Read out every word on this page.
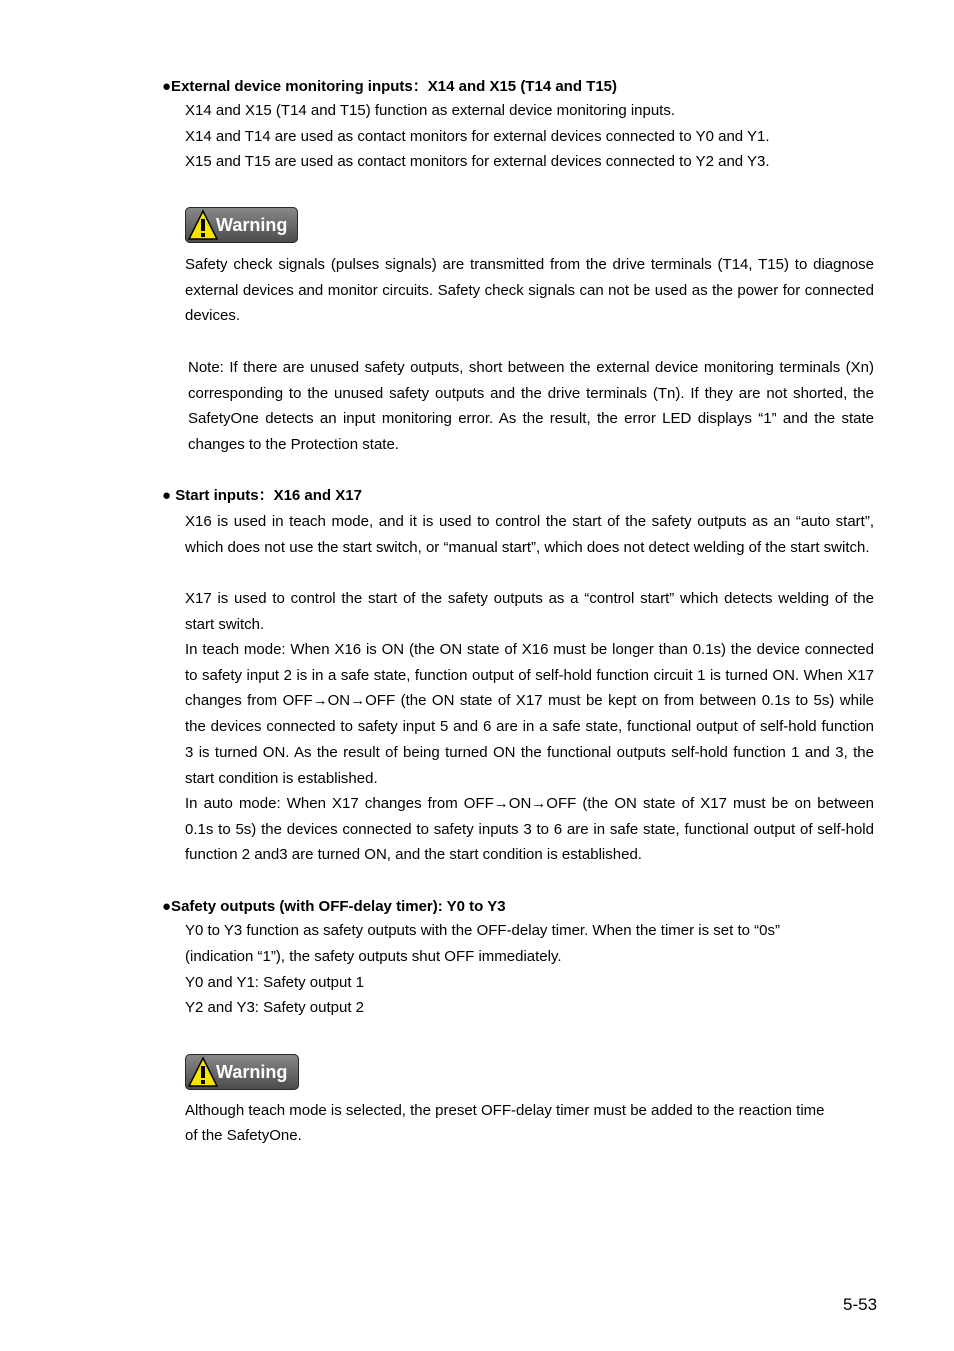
●External device monitoring inputs：X14 and X15 (T14 and T15)
X14 and X15 (T14 and T15) function as external device monitoring inputs.
X14 and T14 are used as contact monitors for external devices connected to Y0 and Y1.
X15 and T15 are used as contact monitors for external devices connected to Y2 and Y3.
Warning
Safety check signals (pulses signals) are transmitted from the drive terminals (T14, T15) to diagnose external devices and monitor circuits. Safety check signals can not be used as the power for connected devices.
Note: If there are unused safety outputs, short between the external device monitoring terminals (Xn) corresponding to the unused safety outputs and the drive terminals (Tn). If they are not shorted, the SafetyOne detects an input monitoring error. As the result, the error LED displays “1” and the state changes to the Protection state.
● Start inputs：X16 and X17
X16 is used in teach mode, and it is used to control the start of the safety outputs as an “auto start”, which does not use the start switch, or “manual start”, which does not detect welding of the start switch.
X17 is used to control the start of the safety outputs as a “control start” which detects welding of the start switch.
In teach mode: When X16 is ON (the ON state of X16 must be longer than 0.1s) the device connected to safety input 2 is in a safe state, function output of self-hold function circuit 1 is turned ON. When X17 changes from OFF→ON→OFF (the ON state of X17 must be kept on from between 0.1s to 5s) while the devices connected to safety input 5 and 6 are in a safe state, functional output of self-hold function 3 is turned ON. As the result of being turned ON the functional outputs self-hold function 1 and 3, the start condition is established.
In auto mode: When X17 changes from OFF→ON→OFF (the ON state of X17 must be on between 0.1s to 5s) the devices connected to safety inputs 3 to 6 are in safe state, functional output of self-hold function 2 and3 are turned ON, and the start condition is established.
●Safety outputs (with OFF-delay timer): Y0 to Y3
Y0 to Y3 function as safety outputs with the OFF-delay timer. When the timer is set to “0s”
(indication “1”), the safety outputs shut OFF immediately.
Y0 and Y1: Safety output 1
Y2 and Y3: Safety output 2
Warning
Although teach mode is selected, the preset OFF-delay timer must be added to the reaction time
of the SafetyOne.
5-53
